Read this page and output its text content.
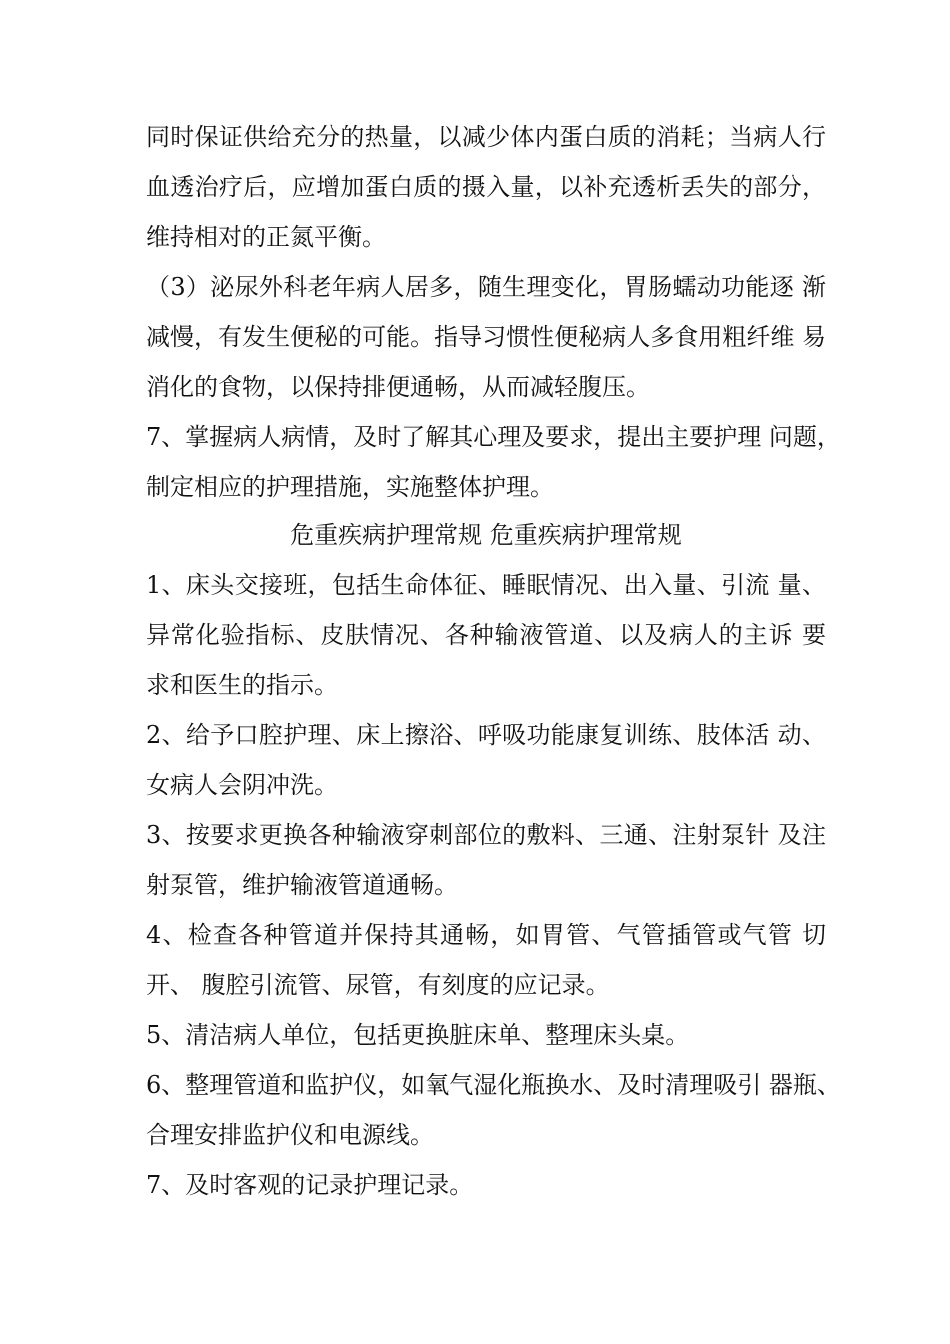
同时保证供给充分的热量，以减少体内蛋白质的消耗；当病人行
血透治疗后，应增加蛋白质的摄入量，以补充透析丢失的部分，
维持相对的正氮平衡。
（3）泌尿外科老年病人居多，随生理变化，胃肠蠕动功能逐 渐
减慢，有发生便秘的可能。指导习惯性便秘病人多食用粗纤维 易
消化的食物，以保持排便通畅，从而减轻腹压。
7、掌握病人病情，及时了解其心理及要求，提出主要护理 问题，
制定相应的护理措施，实施整体护理。
危重疾病护理常规 危重疾病护理常规
1、床头交接班，包括生命体征、睡眠情况、出入量、引流 量、
异常化验指标、皮肤情况、各种输液管道、以及病人的主诉 要
求和医生的指示。
2、给予口腔护理、床上擦浴、呼吸功能康复训练、肢体活 动、
女病人会阴冲洗。
3、按要求更换各种输液穿刺部位的敷料、三通、注射泵针 及注
射泵管，维护输液管道通畅。
4、检查各种管道并保持其通畅，如胃管、气管插管或气管 切
开、 腹腔引流管、尿管，有刻度的应记录。
5、清洁病人单位，包括更换脏床单、整理床头桌。
6、整理管道和监护仪，如氧气湿化瓶换水、及时清理吸引 器瓶、
合理安排监护仪和电源线。
7、及时客观的记录护理记录。
